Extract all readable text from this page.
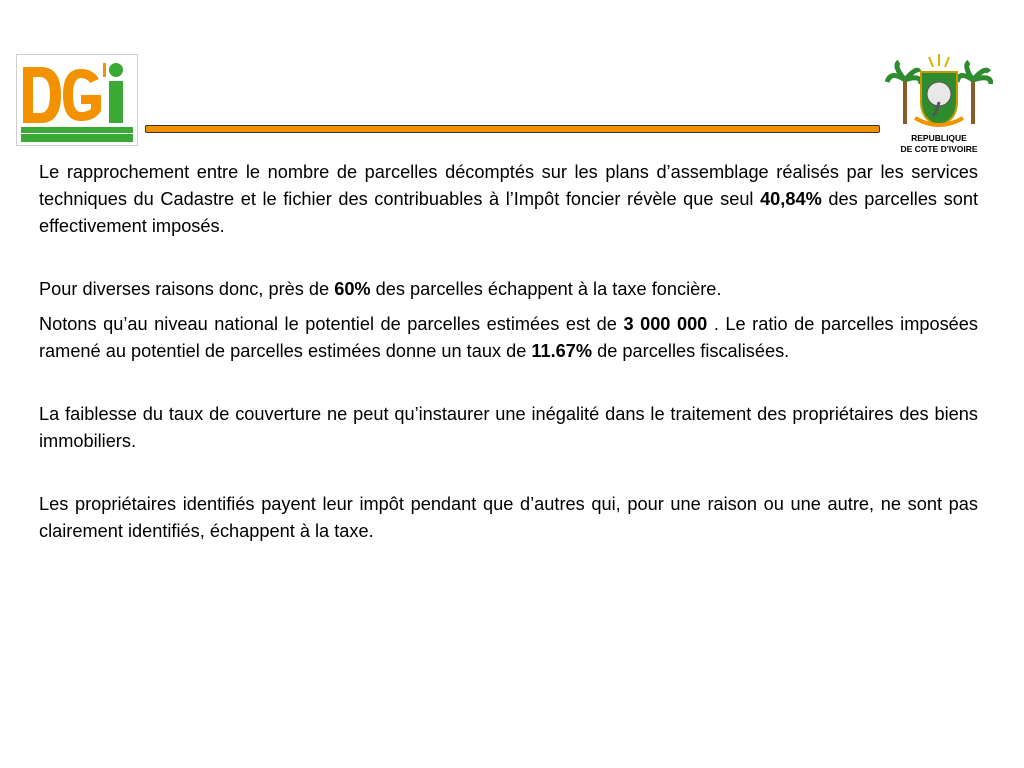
REPUBLIQUE
DE COTE D'IVOIRE

Le rapprochement entre le nombre de parcelles décomptés sur les plans d’assemblage réalisés par les services techniques du Cadastre et le fichier des contribuables à l’Impôt foncier révèle que seul 40,84% des parcelles sont effectivement imposés.

Pour diverses raisons donc, près de 60% des parcelles échappent à la taxe foncière.

Notons qu’au niveau national le potentiel de parcelles estimées est de 3 000 000 . Le ratio de parcelles imposées ramené au potentiel de parcelles estimées donne un taux de 11.67% de parcelles fiscalisées.

La faiblesse du taux de couverture ne peut qu’instaurer une inégalité dans le traitement des propriétaires des biens immobiliers.

Les propriétaires identifiés payent leur impôt pendant que d’autres qui, pour une raison ou une autre, ne sont pas clairement identifiés, échappent à la taxe.
